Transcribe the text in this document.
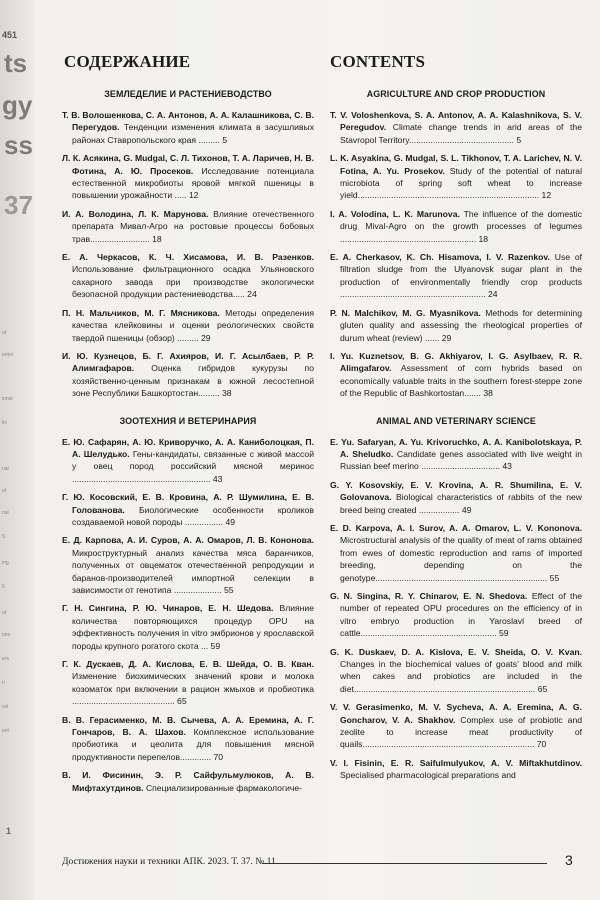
451
ts
gy
ss
37
of
enter
ional
lis
nal
of
nal
S
ing
5
of
ons
ers
ri
vel
ent
1
СОДЕРЖАНИЕ
ЗЕМЛЕДЕЛИЕ И РАСТЕНИЕВОДСТВО
Т. В. Волошенкова, С. А. Антонов, А. А. Калашникова, С. В. Перегудов. Тенденции изменения климата в засушливых районах Ставропольского края ......... 5
Л. К. Асякина, G. Mudgal, С. Л. Тихонов, Т. А. Ларичев, Н. В. Фотина, А. Ю. Просеков. Исследование потенциала естественной микробиоты яровой мягкой пшеницы в повышении урожайности ..... 12
И. А. Володина, Л. К. Марунова. Влияние отечественного препарата Мивал-Агро на ростовые процессы бобовых трав......................... 18
Е. А. Черкасов, К. Ч. Хисамова, И. В. Разенков. Использование фильтрационного осадка Ульяновского сахарного завода при производстве экологически безопасной продукции растениеводства..... 24
П. Н. Мальчиков, М. Г. Мясникова. Методы определения качества клейковины и оценки реологических свойств твердой пшеницы (обзор) ......... 29
И. Ю. Кузнецов, Б. Г. Ахияров, И. Г. Асылбаев, Р. Р. Алимгафаров. Оценка гибридов кукурузы по хозяйственно-ценным признакам в южной лесостепной зоне Республики Башкортостан......... 38
ЗООТЕХНИЯ И ВЕТЕРИНАРИЯ
Е. Ю. Сафарян, А. Ю. Криворучко, А. А. Каниболоцкая, П. А. Шелудько. Гены-кандидаты, связанные с живой массой у овец пород российский мясной меринос .......................................................... 43
Г. Ю. Косовский, Е. В. Кровина, А. Р. Шумилина, Е. В. Голованова. Биологические особенности кроликов создаваемой новой породы ................ 49
Е. Д. Карпова, А. И. Суров, А. А. Омаров, Л. В. Кононова. Микроструктурный анализ качества мяса баранчиков, полученных от овцематок отечественной репродукции и баранов-производителей импортной селекции в зависимости от генотипа .................... 55
Г. Н. Сингина, Р. Ю. Чинаров, Е. Н. Шедова. Влияние количества повторяющихся процедур OPU на эффективность получения in vitro эмбрионов у ярославской породы крупного рогатого скота ... 59
Г. К. Дускаев, Д. А. Кислова, Е. В. Шейда, О. В. Кван. Изменение биохимических значений крови и молока козоматок при включении в рацион жмыхов и пробиотика ........................................... 65
В. В. Герасименко, М. В. Сычева, А. А. Еремина, А. Г. Гончаров, В. А. Шахов. Комплексное использование пробиотика и цеолита для повышения мясной продуктивности перепелов............. 70
В. И. Фисинин, Э. Р. Сайфульмулюков, А. В. Мифтахутдинов. Специализированные фармакологиче-
CONTENTS
AGRICULTURE AND CROP PRODUCTION
T. V. Voloshenkova, S. A. Antonov, A. A. Kalashnikova, S. V. Peregudov. Climate change trends in arid areas of the Stavropol Territory............................................ 5
L. K. Asyakina, G. Mudgal, S. L. Tikhonov, T. A. Larichev, N. V. Fotina, A. Yu. Prosekov. Study of the potential of natural microbiota of spring soft wheat to increase yield............................................................................ 12
I. A. Volodina, L. K. Marunova. The influence of the domestic drug Mival-Agro on the growth processes of legumes ......................................................... 18
E. A. Cherkasov, K. Ch. Hisamova, I. V. Razenkov. Use of filtration sludge from the Ulyanovsk sugar plant in the production of environmentally friendly crop products ............................................................. 24
P. N. Malchikov, M. G. Myasnikova. Methods for determining gluten quality and assessing the rheological properties of durum wheat (review) ...... 29
I. Yu. Kuznetsov, B. G. Akhiyarov, I. G. Asylbaev, R. R. Alimgafarov. Assessment of corn hybrids based on economically valuable traits in the southern forest-steppe zone of the Republic of Bashkortostan....... 38
ANIMAL AND VETERINARY SCIENCE
E. Yu. Safaryan, A. Yu. Krivoruchko, A. A. Kanibolotskaya, P. A. Sheludko. Candidate genes associated with live weight in Russian beef merino ................................. 43
G. Y. Kosovskiy, E. V. Krovina, A. R. Shumilina, E. V. Golovanova. Biological characteristics of rabbits of the new breed being created ................. 49
E. D. Karpova, A. I. Surov, A. A. Omarov, L. V. Kononova. Microstructural analysis of the quality of meat of rams obtained from ewes of domestic reproduction and rams of imported breeding, depending on the genotype........................................................................ 55
G. N. Singina, R. Y. Chinarov, E. N. Shedova. Effect of the number of repeated OPU procedures on the efficiency of in vitro embryo production in Yaroslavl breed of cattle......................................................... 59
G. K. Duskaev, D. A. Kislova, E. V. Sheida, O. V. Kvan. Changes in the biochemical values of goats’ blood and milk when cakes and probiotics are included in the diet............................................................................ 65
V. V. Gerasimenko, M. V. Sycheva, A. A. Eremina, A. G. Goncharov, V. A. Shakhov. Complex use of probiotic and zeolite to increase meat productivity of quails........................................................................ 70
V. I. Fisinin, E. R. Saifulmulyukov, A. V. Miftakhutdinov. Specialised pharmacological preparations and
Достижения науки и техники АПК. 2023. Т. 37. № 11	3
